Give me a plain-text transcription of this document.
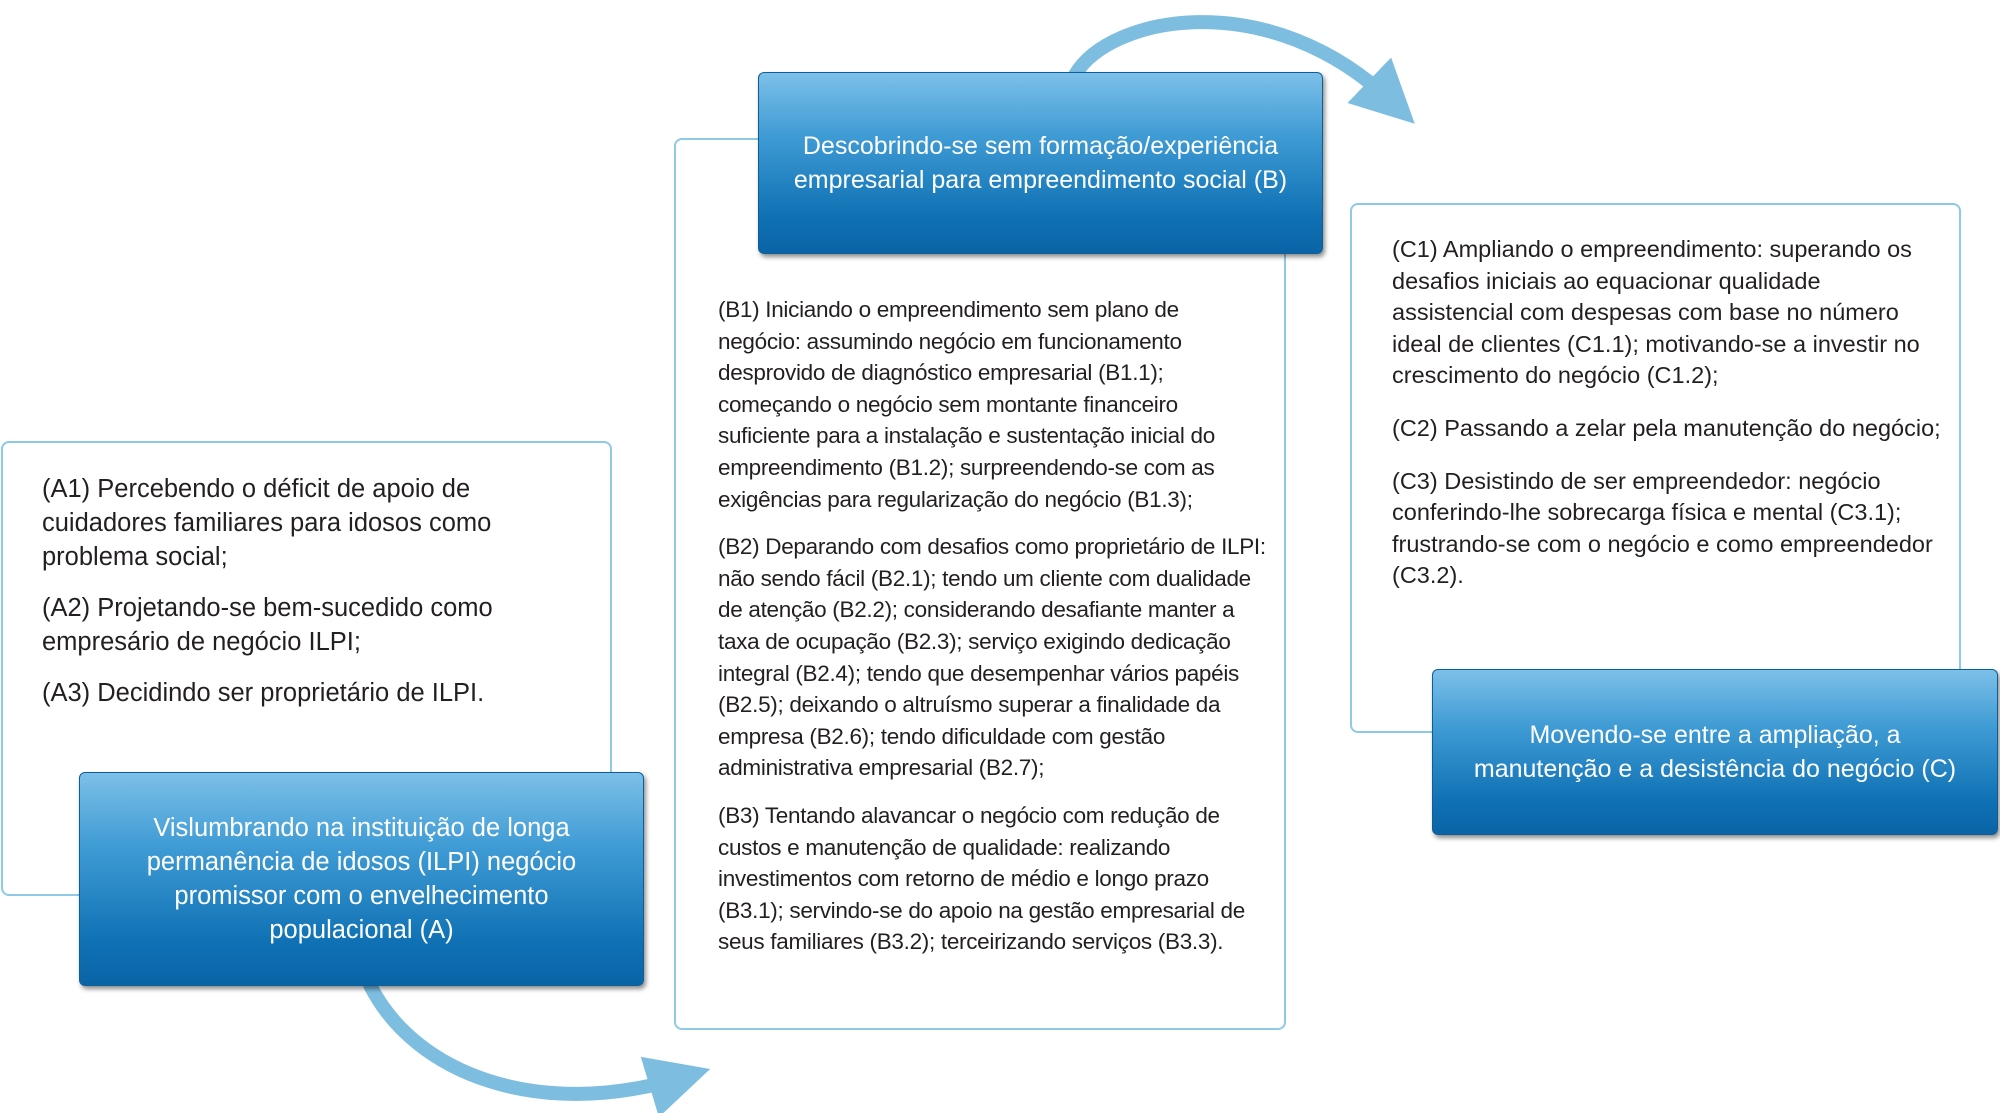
(A1) Percebendo o déficit de apoio de cuidadores familiares para idosos como problema social;

(A2) Projetando-se bem-sucedido como empresário de negócio ILPI;

(A3) Decidindo ser proprietário de ILPI.

Vislumbrando na instituição de longa permanência de idosos (ILPI) negócio promissor com o envelhecimento populacional (A)

(B1) Iniciando o empreendimento sem plano de negócio: assumindo negócio em funcionamento desprovido de diagnóstico empresarial (B1.1); começando o negócio sem montante financeiro suficiente para a instalação e sustentação inicial do empreendimento (B1.2); surpreendendo-se com as exigências para regularização do negócio (B1.3);

(B2) Deparando com desafios como proprietário de ILPI: não sendo fácil (B2.1); tendo um cliente com dualidade de atenção (B2.2); considerando desafiante manter a taxa de ocupação (B2.3); serviço exigindo dedicação integral (B2.4); tendo que desempenhar vários papéis (B2.5); deixando o altruísmo superar a finalidade da empresa (B2.6); tendo dificuldade com gestão administrativa empresarial (B2.7);

(B3) Tentando alavancar o negócio com redução de custos e manutenção de qualidade: realizando investimentos com retorno de médio e longo prazo (B3.1); servindo-se do apoio na gestão empresarial de seus familiares (B3.2); terceirizando serviços (B3.3).

Descobrindo-se sem formação/experiência empresarial para empreendimento social (B)

(C1) Ampliando o empreendimento: superando os desafios iniciais ao equacionar qualidade assistencial com despesas com base no número ideal de clientes (C1.1); motivando-se a investir no crescimento do negócio (C1.2);

(C2) Passando a zelar pela manutenção do negócio;

(C3) Desistindo de ser empreendedor: negócio conferindo-lhe sobrecarga física e mental (C3.1); frustrando-se com o negócio e como empreendedor (C3.2).

Movendo-se entre a ampliação, a manutenção e a desistência do negócio (C)
